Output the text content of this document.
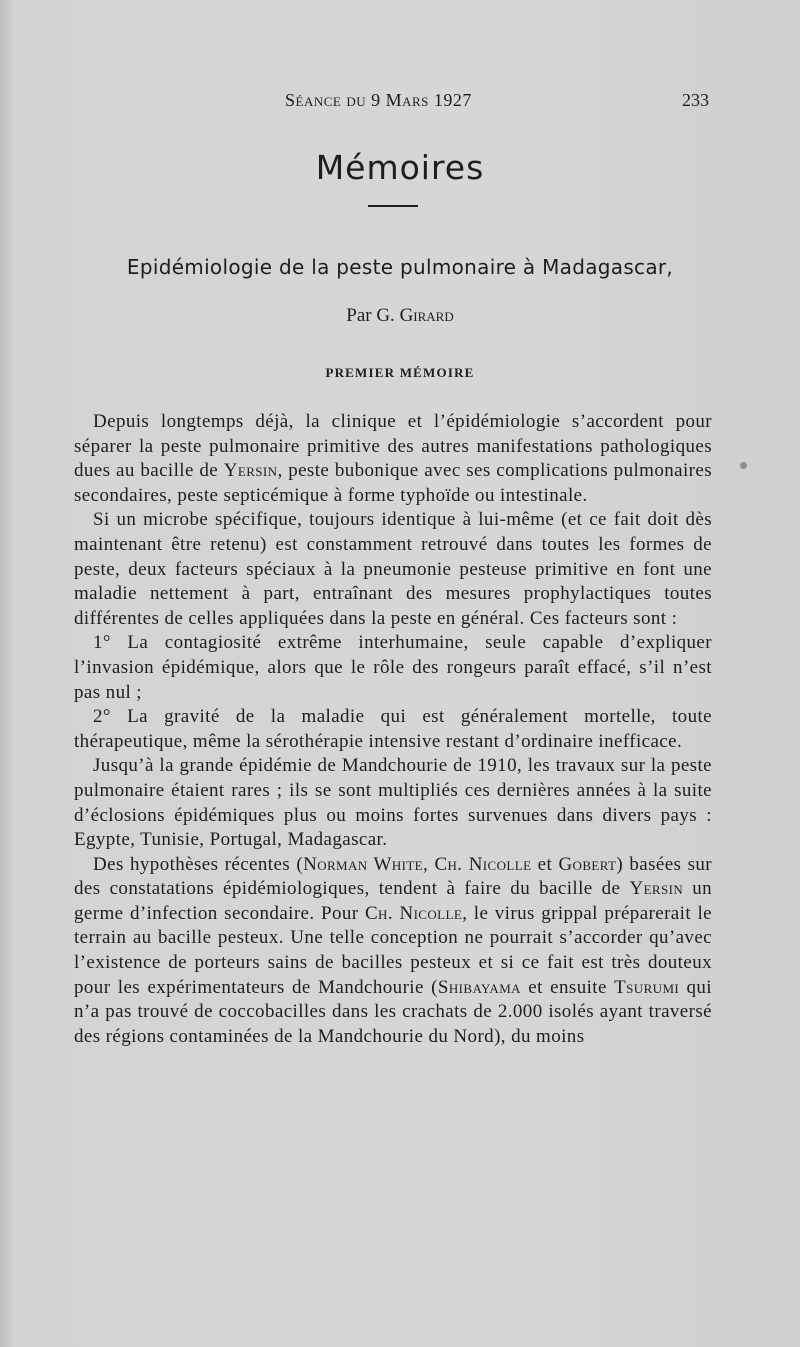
Séance du 9 Mars 1927	233
Mémoires
Epidémiologie de la peste pulmonaire à Madagascar,
Par G. Girard
PREMIER MÉMOIRE

Depuis longtemps déjà, la clinique et l’épidémiologie s’accordent pour séparer la peste pulmonaire primitive des autres manifestations pathologiques dues au bacille de Yersin, peste bubonique avec ses complications pulmonaires secondaires, peste septicémique à forme typhoïde ou intestinale.

Si un microbe spécifique, toujours identique à lui-même (et ce fait doit dès maintenant être retenu) est constamment retrouvé dans toutes les formes de peste, deux facteurs spéciaux à la pneumonie pesteuse primitive en font une maladie nettement à part, entraînant des mesures prophylactiques toutes différentes de celles appliquées dans la peste en général. Ces facteurs sont :

1° La contagiosité extrême interhumaine, seule capable d’expliquer l’invasion épidémique, alors que le rôle des rongeurs paraît effacé, s’il n’est pas nul ;

2° La gravité de la maladie qui est généralement mortelle, toute thérapeutique, même la sérothérapie intensive restant d’ordinaire inefficace.

Jusqu’à la grande épidémie de Mandchourie de 1910, les travaux sur la peste pulmonaire étaient rares ; ils se sont multipliés ces dernières années à la suite d’éclosions épidémiques plus ou moins fortes survenues dans divers pays : Egypte, Tunisie, Portugal, Madagascar.

Des hypothèses récentes (Norman White, Ch. Nicolle et Gobert) basées sur des constatations épidémiologiques, tendent à faire du bacille de Yersin un germe d’infection secondaire. Pour Ch. Nicolle, le virus grippal préparerait le terrain au bacille pesteux. Une telle conception ne pourrait s’accorder qu’avec l’existence de porteurs sains de bacilles pesteux et si ce fait est très douteux pour les expérimentateurs de Mandchourie (Shibayama et ensuite Tsurumi qui n’a pas trouvé de coccobacilles dans les crachats de 2.000 isolés ayant traversé des régions contaminées de la Mandchourie du Nord), du moins
